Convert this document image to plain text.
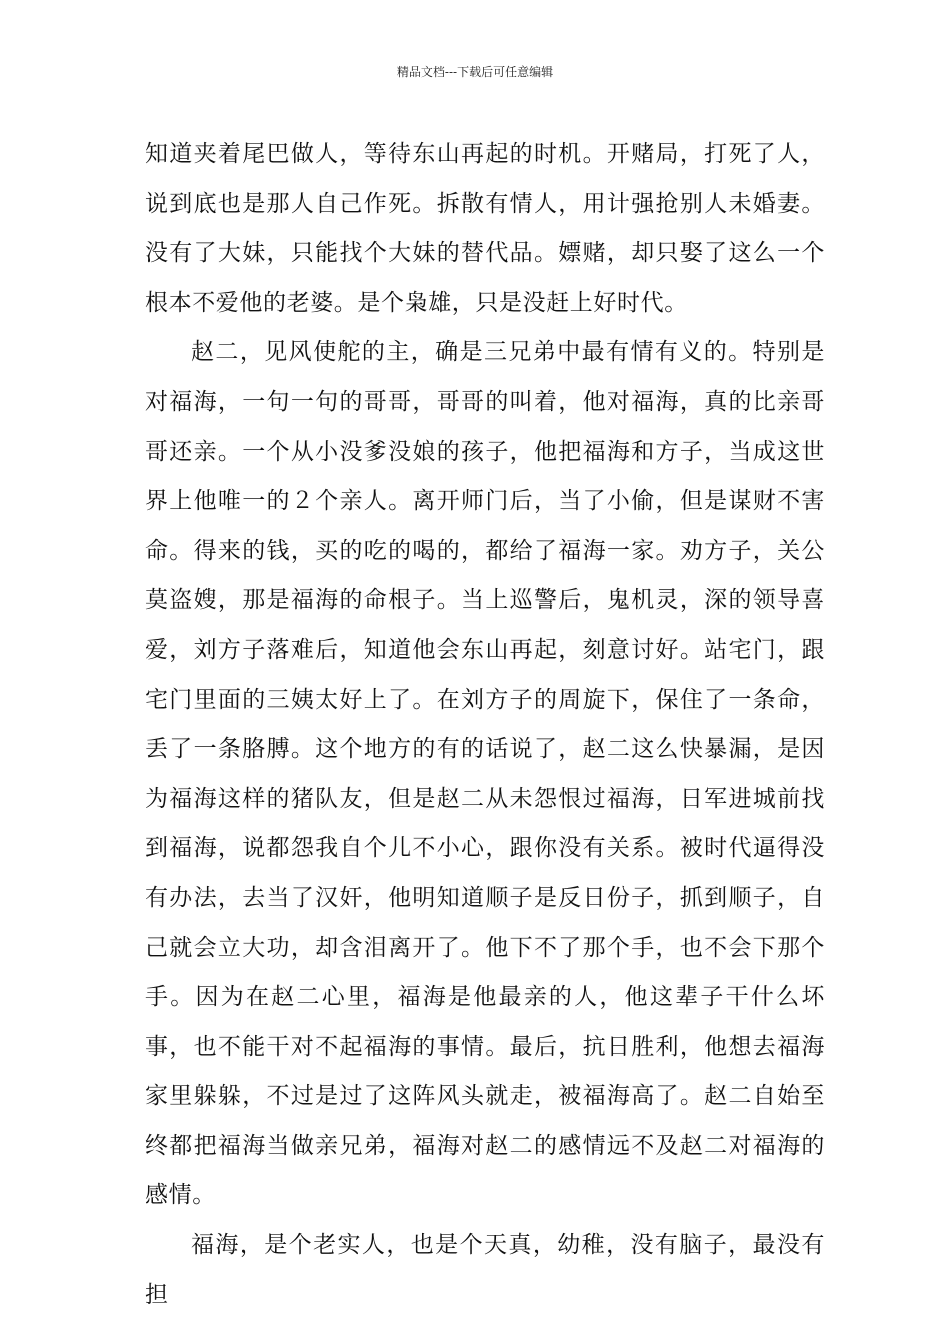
精品文档---下载后可任意编辑

知道夹着尾巴做人，等待东山再起的时机。开赌局，打死了人，说到底也是那人自己作死。拆散有情人，用计强抢别人未婚妻。没有了大妹，只能找个大妹的替代品。嫖赌，却只娶了这么一个根本不爱他的老婆。是个枭雄，只是没赶上好时代。

赵二，见风使舵的主，确是三兄弟中最有情有义的。特别是对福海，一句一句的哥哥，哥哥的叫着，他对福海，真的比亲哥哥还亲。一个从小没爹没娘的孩子，他把福海和方子，当成这世界上他唯一的２个亲人。离开师门后，当了小偷，但是谋财不害命。得来的钱，买的吃的喝的，都给了福海一家。劝方子，关公莫盗嫂，那是福海的命根子。当上巡警后，鬼机灵，深的领导喜爱，刘方子落难后，知道他会东山再起，刻意讨好。站宅门，跟宅门里面的三姨太好上了。在刘方子的周旋下，保住了一条命，丢了一条胳膊。这个地方的有的话说了，赵二这么快暴漏，是因为福海这样的猪队友，但是赵二从未怨恨过福海，日军进城前找到福海，说都怨我自个儿不小心，跟你没有关系。被时代逼得没有办法，去当了汉奸，他明知道顺子是反日份子，抓到顺子，自己就会立大功，却含泪离开了。他下不了那个手，也不会下那个手。因为在赵二心里，福海是他最亲的人，他这辈子干什么坏事，也不能干对不起福海的事情。最后，抗日胜利，他想去福海家里躲躲，不过是过了这阵风头就走，被福海高了。赵二自始至终都把福海当做亲兄弟，福海对赵二的感情远不及赵二对福海的感情。

福海，是个老实人，也是个天真，幼稚，没有脑子，最没有担
